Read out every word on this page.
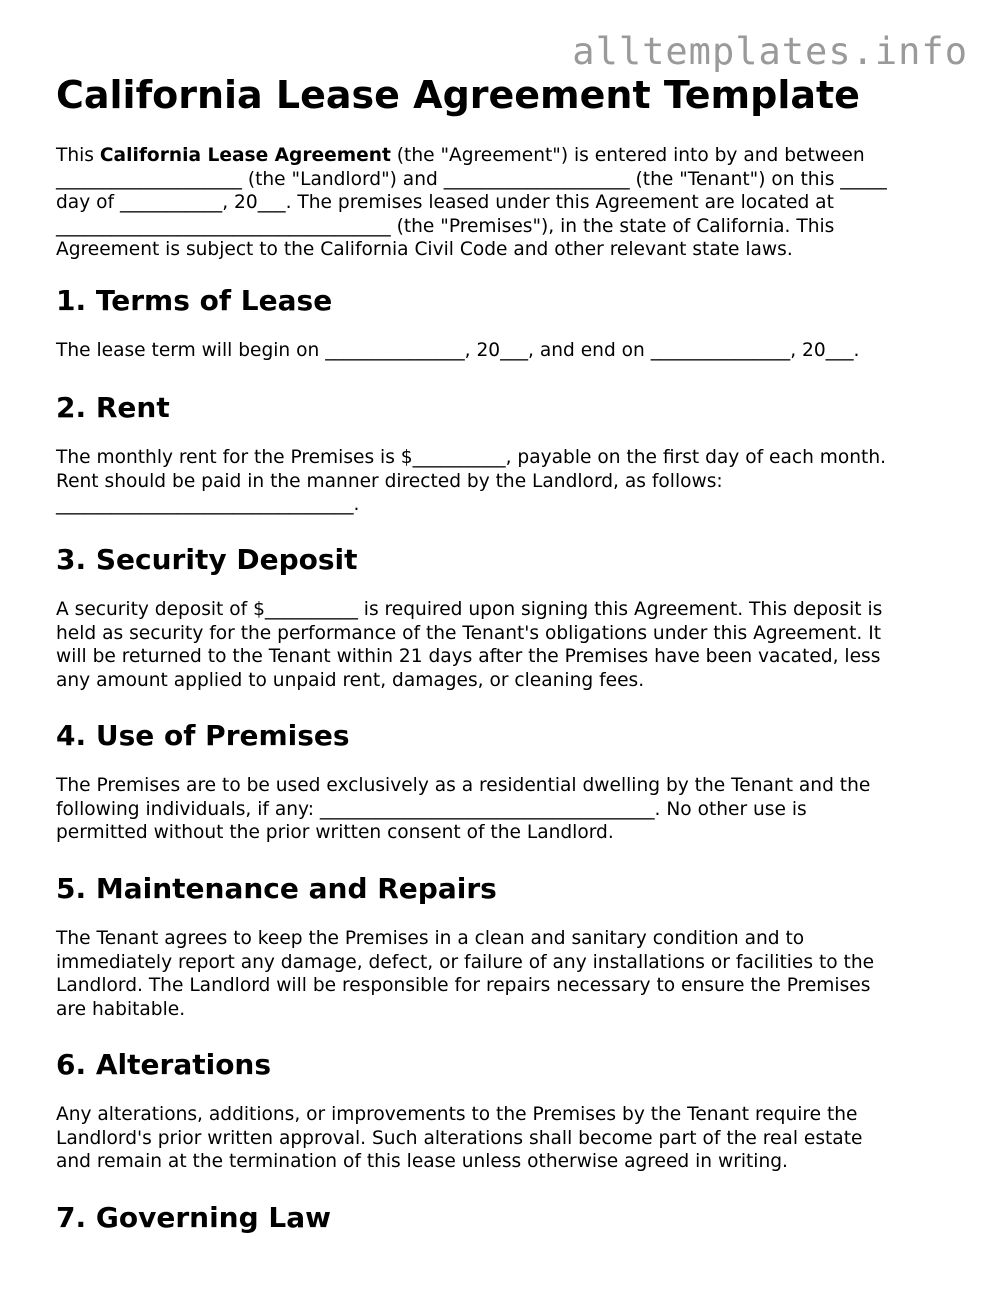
alltemplates.info
California Lease Agreement Template
This California Lease Agreement (the "Agreement") is entered into by and between
____________________ (the "Landlord") and ____________________ (the "Tenant") on this _____
day of ___________, 20___. The premises leased under this Agreement are located at
____________________________________ (the "Premises"), in the state of California. This
Agreement is subject to the California Civil Code and other relevant state laws.
1. Terms of Lease
The lease term will begin on _______________, 20___, and end on _______________, 20___.
2. Rent
The monthly rent for the Premises is $__________, payable on the first day of each month.
Rent should be paid in the manner directed by the Landlord, as follows:
________________________________.
3. Security Deposit
A security deposit of $__________ is required upon signing this Agreement. This deposit is
held as security for the performance of the Tenant's obligations under this Agreement. It
will be returned to the Tenant within 21 days after the Premises have been vacated, less
any amount applied to unpaid rent, damages, or cleaning fees.
4. Use of Premises
The Premises are to be used exclusively as a residential dwelling by the Tenant and the
following individuals, if any: ____________________________________. No other use is
permitted without the prior written consent of the Landlord.
5. Maintenance and Repairs
The Tenant agrees to keep the Premises in a clean and sanitary condition and to
immediately report any damage, defect, or failure of any installations or facilities to the
Landlord. The Landlord will be responsible for repairs necessary to ensure the Premises
are habitable.
6. Alterations
Any alterations, additions, or improvements to the Premises by the Tenant require the
Landlord's prior written approval. Such alterations shall become part of the real estate
and remain at the termination of this lease unless otherwise agreed in writing.
7. Governing Law
